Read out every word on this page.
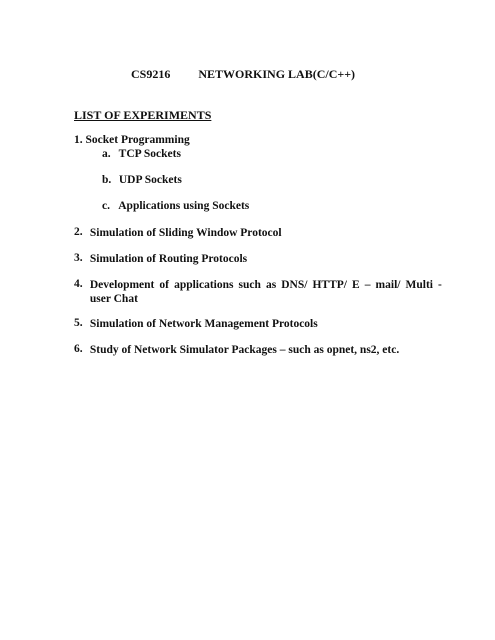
CS9216 NETWORKING LAB(C/C++)
LIST OF EXPERIMENTS
1. Socket Programming
a. TCP Sockets
b. UDP Sockets
c. Applications using Sockets
2. Simulation of Sliding Window Protocol
3. Simulation of Routing Protocols
4. Development of applications such as DNS/ HTTP/ E – mail/ Multi -
user Chat
5. Simulation of Network Management Protocols
6. Study of Network Simulator Packages – such as opnet, ns2, etc.
